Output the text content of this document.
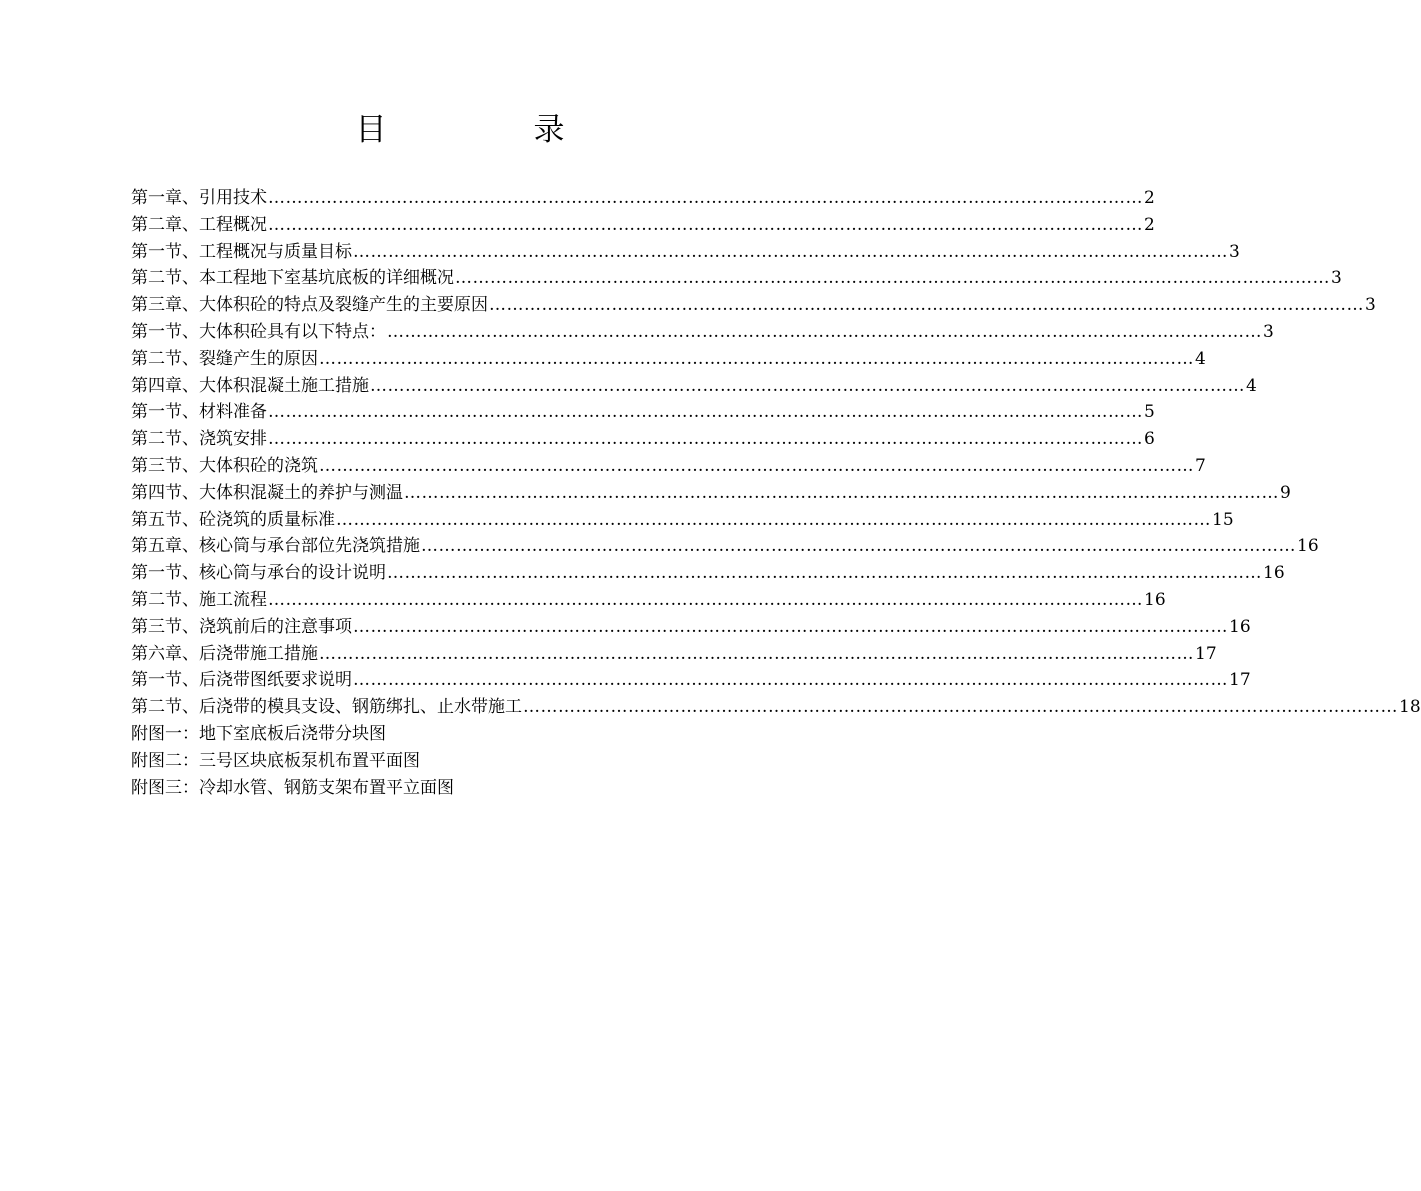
目　录
第一章、引用技术 …………………………………………………………………………………………………………………………………… 2
第二章、工程概况 …………………………………………………………………………………………………………………………………… 2
第一节、工程概况与质量目标 …………………………………………………………………………………………………………………………………… 3
第二节、本工程地下室基坑底板的详细概况 …………………………………………………………………………………………………………………………………… 3
第三章、大体积砼的特点及裂缝产生的主要原因 …………………………………………………………………………………………………………………………………… 3
第一节、大体积砼具有以下特点： …………………………………………………………………………………………………………………………………… 3
第二节、裂缝产生的原因 …………………………………………………………………………………………………………………………………… 4
第四章、大体积混凝土施工措施 …………………………………………………………………………………………………………………………………… 4
第一节、材料准备 …………………………………………………………………………………………………………………………………… 5
第二节、浇筑安排 …………………………………………………………………………………………………………………………………… 6
第三节、大体积砼的浇筑 …………………………………………………………………………………………………………………………………… 7
第四节、大体积混凝土的养护与测温 …………………………………………………………………………………………………………………………………… 9
第五节、砼浇筑的质量标准 …………………………………………………………………………………………………………………………………… 15
第五章、核心筒与承台部位先浇筑措施 …………………………………………………………………………………………………………………………………… 16
第一节、核心筒与承台的设计说明 …………………………………………………………………………………………………………………………………… 16
第二节、施工流程 …………………………………………………………………………………………………………………………………… 16
第三节、浇筑前后的注意事项 …………………………………………………………………………………………………………………………………… 16
第六章、后浇带施工措施 …………………………………………………………………………………………………………………………………… 17
第一节、后浇带图纸要求说明 …………………………………………………………………………………………………………………………………… 17
第二节、后浇带的模具支设、钢筋绑扎、止水带施工 …………………………………………………………………………………………………………………………………… 18
附图一：地下室底板后浇带分块图
附图二：三号区块底板泵机布置平面图
附图三：冷却水管、钢筋支架布置平立面图
